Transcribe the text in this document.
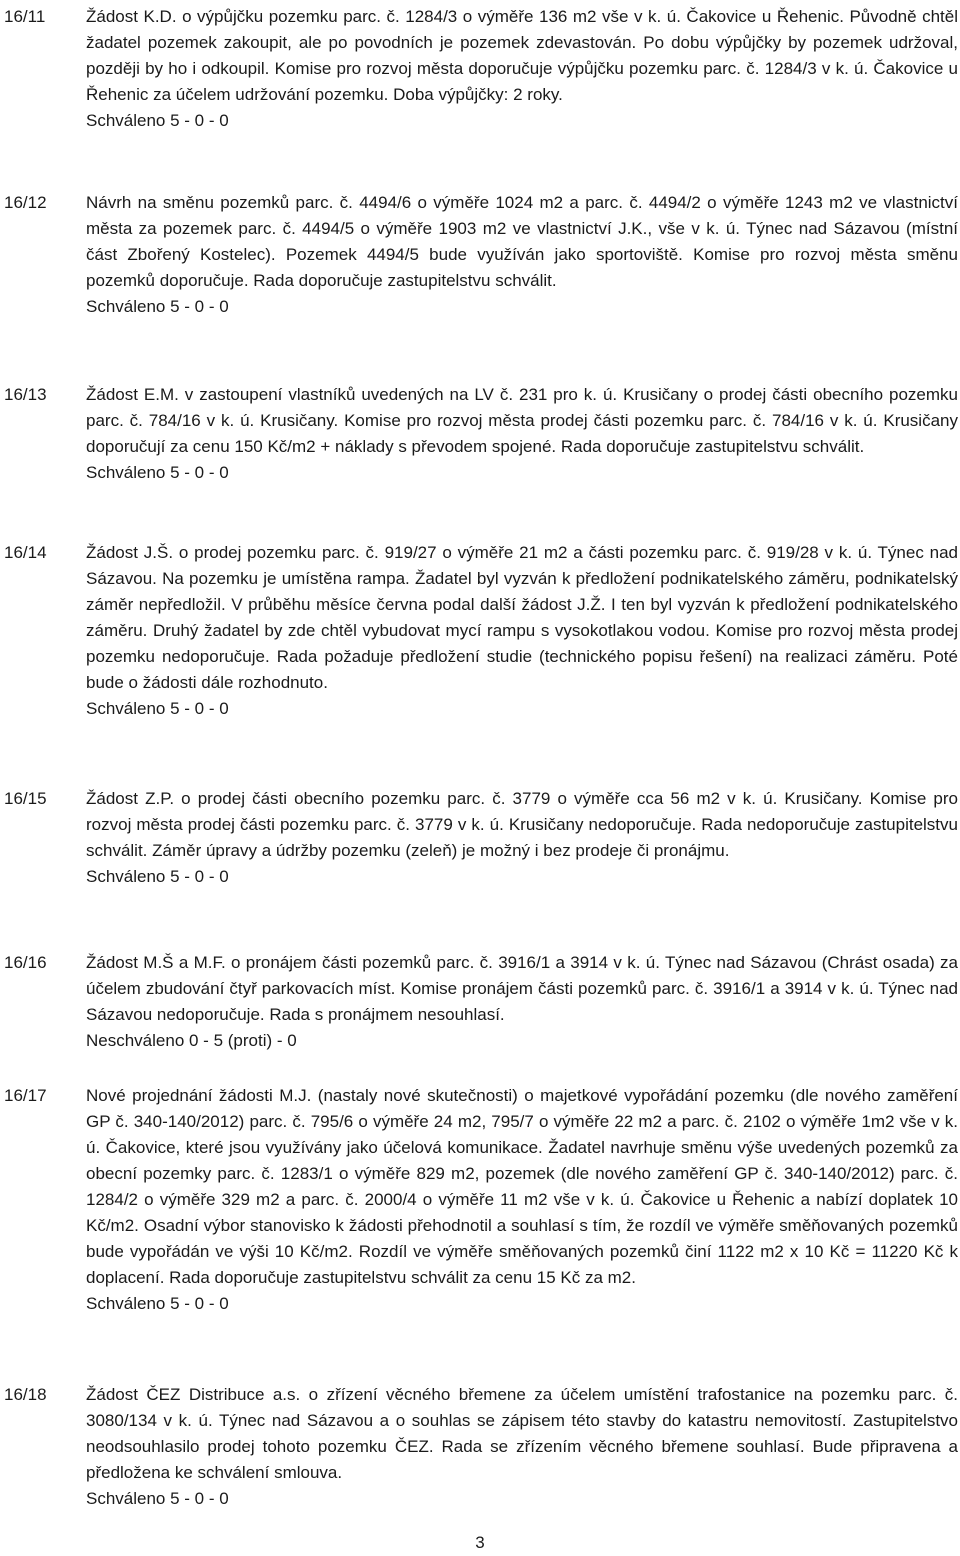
16/11	Žádost K.D. o výpůjčku pozemku parc. č. 1284/3 o výměře 136 m2 vše v k. ú. Čakovice u Řehenic. Původně chtěl žadatel pozemek zakoupit, ale po povodních je pozemek zdevastován. Po dobu výpůjčky by pozemek udržoval, později by ho i odkoupil. Komise pro rozvoj města doporučuje výpůjčku pozemku parc. č. 1284/3 v k. ú. Čakovice u Řehenic za účelem udržování pozemku. Doba výpůjčky: 2 roky.

Schváleno 5 - 0 - 0

16/12	Návrh na směnu pozemků parc. č. 4494/6 o výměře 1024 m2 a parc. č. 4494/2 o výměře 1243 m2 ve vlastnictví města za pozemek parc. č. 4494/5 o výměře 1903 m2 ve vlastnictví J.K., vše v k. ú. Týnec nad Sázavou (místní část Zbořený Kostelec). Pozemek 4494/5 bude využíván jako sportoviště. Komise pro rozvoj města směnu pozemků doporučuje. Rada doporučuje zastupitelstvu schválit.

Schváleno 5 - 0 - 0

16/13	Žádost E.M. v zastoupení vlastníků uvedených na LV č. 231 pro k. ú. Krusičany o prodej části obecního pozemku parc. č. 784/16 v k. ú. Krusičany. Komise pro rozvoj města prodej části pozemku parc. č. 784/16 v k. ú. Krusičany doporučují za cenu 150 Kč/m2 + náklady s převodem spojené. Rada doporučuje zastupitelstvu schválit.

Schváleno 5 - 0 - 0

16/14	Žádost J.Š. o prodej pozemku parc. č. 919/27 o výměře 21 m2 a části pozemku parc. č. 919/28 v k. ú. Týnec nad Sázavou. Na pozemku je umístěna rampa. Žadatel byl vyzván k předložení podnikatelského záměru, podnikatelský záměr nepředložil. V průběhu měsíce června podal další žádost J.Ž. I ten byl vyzván k předložení podnikatelského záměru. Druhý žadatel by zde chtěl vybudovat mycí rampu s vysokotlakou vodou. Komise pro rozvoj města prodej pozemku nedoporučuje. Rada požaduje předložení studie (technického popisu řešení) na realizaci záměru. Poté bude o žádosti dále rozhodnuto.

Schváleno 5 - 0 - 0

16/15	Žádost Z.P. o prodej části obecního pozemku parc. č. 3779 o výměře cca 56 m2 v k. ú. Krusičany. Komise pro rozvoj města prodej části pozemku parc. č. 3779 v k. ú. Krusičany nedoporučuje. Rada nedoporučuje zastupitelstvu schválit. Záměr úpravy a údržby pozemku (zeleň) je možný i bez prodeje či pronájmu.

Schváleno 5 - 0 - 0

16/16	Žádost M.Š a M.F. o pronájem části pozemků parc. č. 3916/1 a 3914 v k. ú. Týnec nad Sázavou (Chrást osada) za účelem zbudování čtyř parkovacích míst. Komise pronájem části pozemků parc. č. 3916/1 a 3914 v k. ú. Týnec nad Sázavou nedoporučuje. Rada s pronájmem nesouhlasí.

Neschváleno 0 - 5 (proti) - 0

16/17	Nové projednání žádosti M.J. (nastaly nové skutečnosti) o majetkové vypořádání pozemku (dle nového zaměření GP č. 340-140/2012) parc. č. 795/6 o výměře 24 m2, 795/7 o výměře 22 m2 a parc. č. 2102 o výměře 1m2 vše v k. ú. Čakovice, které jsou využívány jako účelová komunikace. Žadatel navrhuje směnu výše uvedených pozemků za obecní pozemky parc. č. 1283/1 o výměře 829 m2, pozemek (dle nového zaměření GP č. 340-140/2012) parc. č. 1284/2 o výměře 329 m2 a parc. č. 2000/4 o výměře 11 m2 vše v k. ú. Čakovice u Řehenic a nabízí doplatek 10 Kč/m2. Osadní výbor stanovisko k žádosti přehodnotil a souhlasí s tím, že rozdíl ve výměře směňovaných pozemků bude vypořádán ve výši 10 Kč/m2. Rozdíl ve výměře směňovaných pozemků činí 1122 m2 x 10 Kč = 11220 Kč k doplacení. Rada doporučuje zastupitelstvu schválit za cenu 15 Kč za m2.

Schváleno 5 - 0 - 0

16/18	Žádost ČEZ Distribuce a.s. o zřízení věcného břemene za účelem umístění trafostanice na pozemku parc. č. 3080/134 v k. ú. Týnec nad Sázavou a o souhlas se zápisem této stavby do katastru nemovitostí. Zastupitelstvo neodsouhlasilo prodej tohoto pozemku ČEZ. Rada se zřízením věcného břemene souhlasí. Bude připravena a předložena ke schválení smlouva.

Schváleno 5 - 0 - 0

3
